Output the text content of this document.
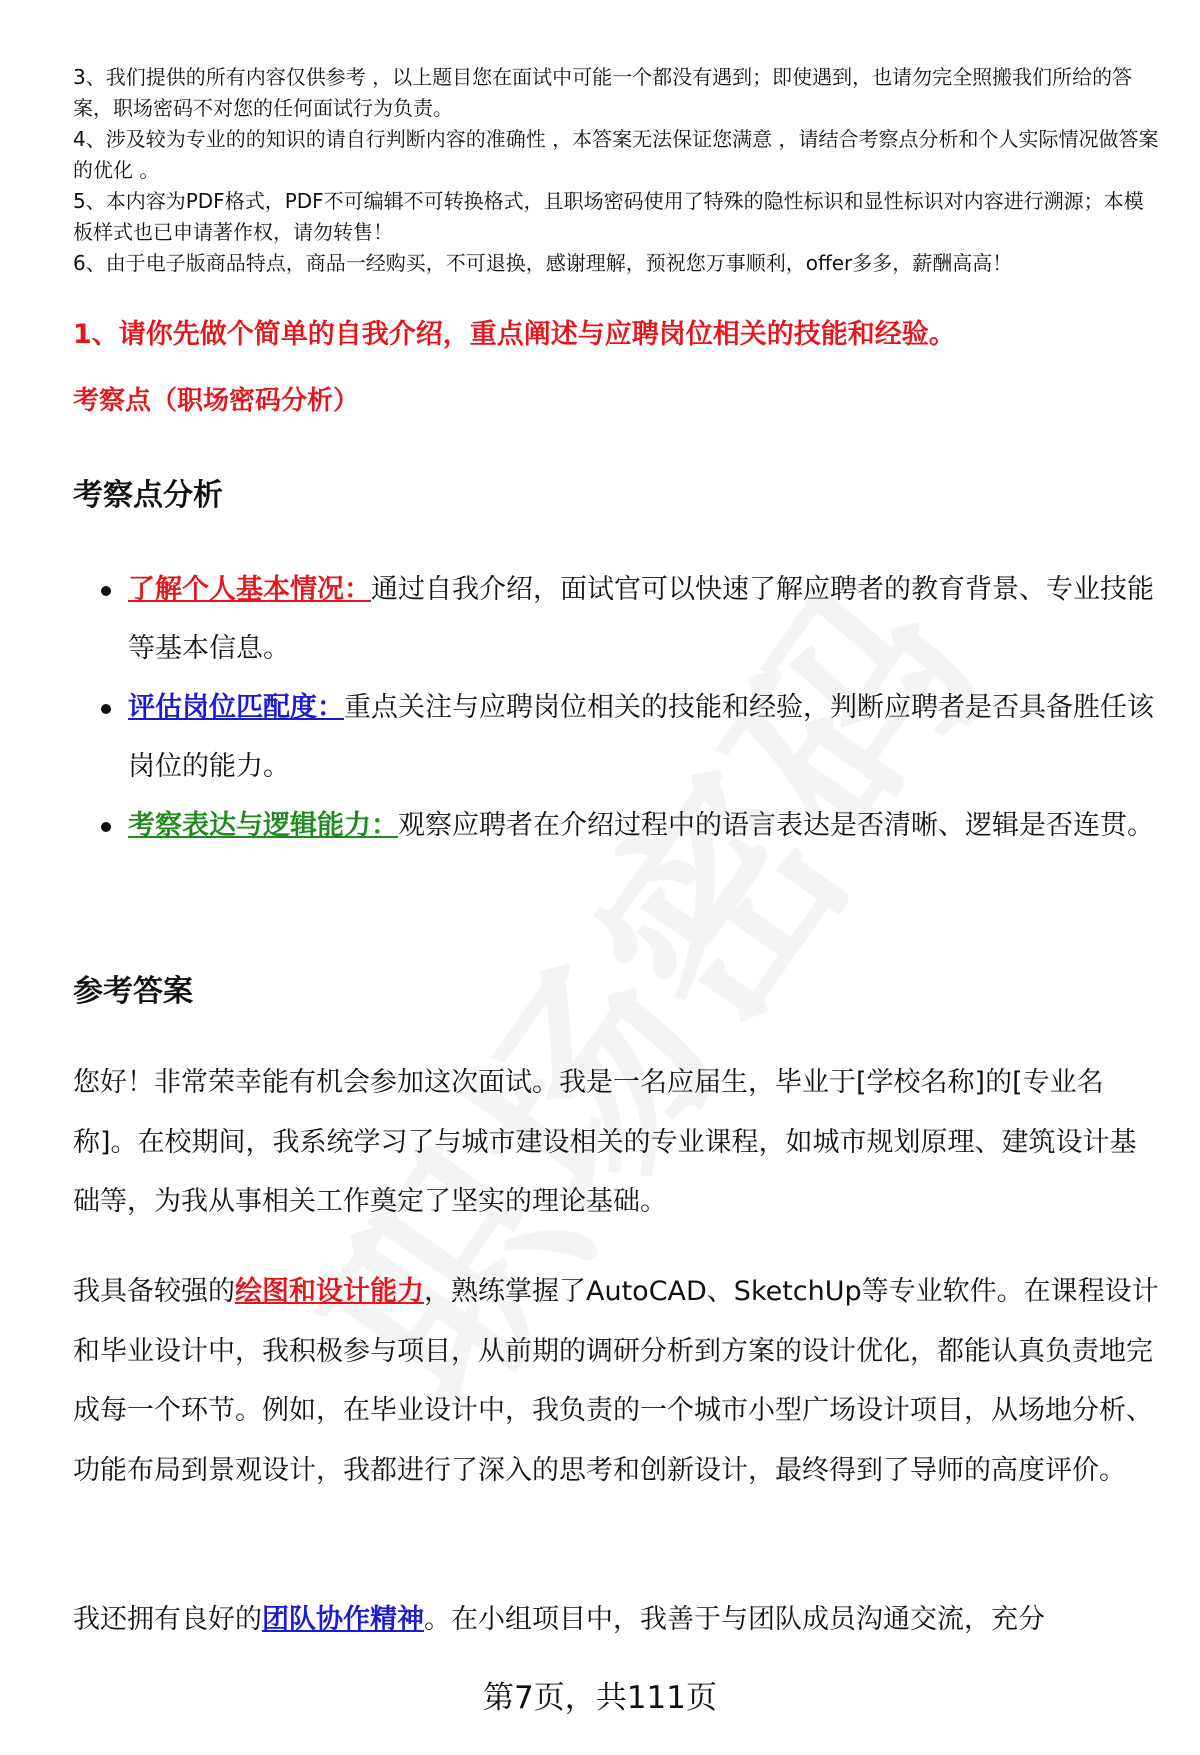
3、我们提供的所有内容仅供参考 ，以上题目您在面试中可能一个都没有遇到；即使遇到，也请勿完全照搬我们所给的答案，职场密码不对您的任何面试行为负责。
4、涉及较为专业的的知识的请自行判断内容的准确性 ，本答案无法保证您满意 ，请结合考察点分析和个人实际情况做答案的优化 。
5、本内容为PDF格式，PDF不可编辑不可转换格式，且职场密码使用了特殊的隐性标识和显性标识对内容进行溯源；本模板样式也已申请著作权，请勿转售！
6、由于电子版商品特点，商品一经购买，不可退换，感谢理解，预祝您万事顺利，offer多多，薪酬高高！
1、请你先做个简单的自我介绍，重点阐述与应聘岗位相关的技能和经验。
考察点（职场密码分析）
考察点分析
了解个人基本情况：通过自我介绍，面试官可以快速了解应聘者的教育背景、专业技能等基本信息。
评估岗位匹配度：重点关注与应聘岗位相关的技能和经验，判断应聘者是否具备胜任该岗位的能力。
考察表达与逻辑能力：观察应聘者在介绍过程中的语言表达是否清晰、逻辑是否连贯。
参考答案

您好！非常荣幸能有机会参加这次面试。我是一名应届生，毕业于[学校名称]的[专业名称]。在校期间，我系统学习了与城市建设相关的专业课程，如城市规划原理、建筑设计基础等，为我从事相关工作奠定了坚实的理论基础。

我具备较强的绘图和设计能力，熟练掌握了AutoCAD、SketchUp等专业软件。在课程设计和毕业设计中，我积极参与项目，从前期的调研分析到方案的设计优化，都能认真负责地完成每一个环节。例如，在毕业设计中，我负责的一个城市小型广场设计项目，从场地分析、功能布局到景观设计，我都进行了深入的思考和创新设计，最终得到了导师的高度评价。

我还拥有良好的团队协作精神。在小组项目中，我善于与团队成员沟通交流，充分

第7页，共111页
